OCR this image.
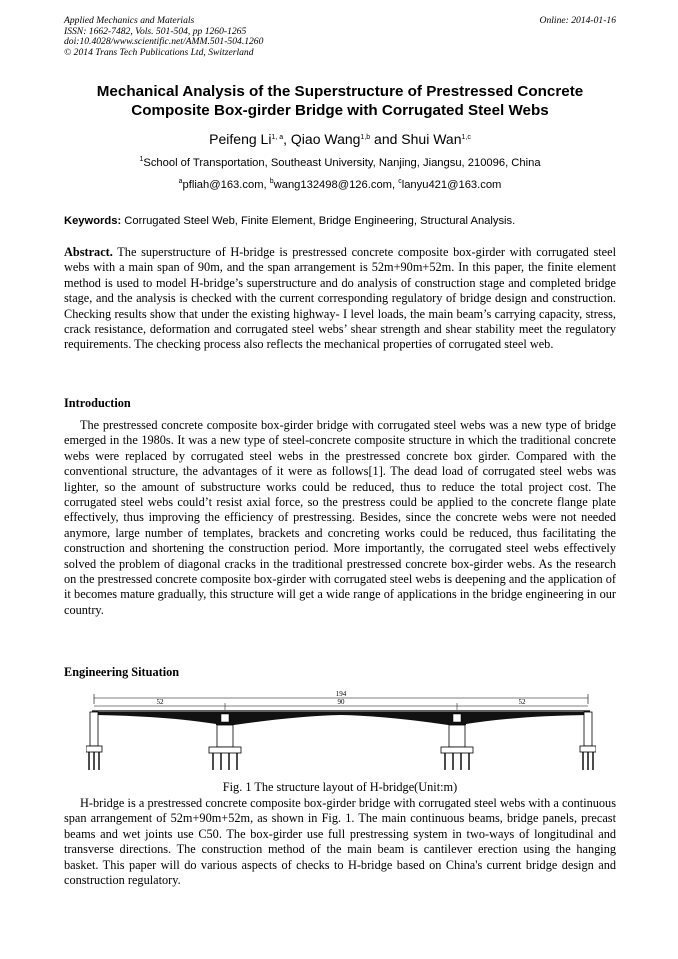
Applied Mechanics and Materials
ISSN: 1662-7482, Vols. 501-504, pp 1260-1265
doi:10.4028/www.scientific.net/AMM.501-504.1260
© 2014 Trans Tech Publications Ltd, Switzerland
Online: 2014-01-16
Mechanical Analysis of the Superstructure of Prestressed Concrete
Composite Box-girder Bridge with Corrugated Steel Webs
Peifeng Li$^{1, a}$, Qiao Wang$^{1,b}$ and Shui Wan$^{1,c}$
$^1$School of Transportation, Southeast University, Nanjing, Jiangsu, 210096, China
$^a$pfliah@163.com, $^b$wang132498@126.com, $^c$lanyu421@163.com
Keywords: Corrugated Steel Web, Finite Element, Bridge Engineering, Structural Analysis.
Abstract. The superstructure of H-bridge is prestressed concrete composite box-girder with corrugated steel webs with a main span of 90m, and the span arrangement is 52m+90m+52m. In this paper, the finite element method is used to model H-bridge’s superstructure and do analysis of construction stage and completed bridge stage, and the analysis is checked with the current corresponding regulatory of bridge design and construction. Checking results show that under the existing highway- I level loads, the main beam’s carrying capacity, stress, crack resistance, deformation and corrugated steel webs’ shear strength and shear stability meet the regulatory requirements. The checking process also reflects the mechanical properties of corrugated steel web.
Introduction
The prestressed concrete composite box-girder bridge with corrugated steel webs was a new type of bridge emerged in the 1980s. It was a new type of steel-concrete composite structure in which the traditional concrete webs were replaced by corrugated steel webs in the prestressed concrete box girder. Compared with the conventional structure, the advantages of it were as follows[1]. The dead load of corrugated steel webs was lighter, so the amount of substructure works could be reduced, thus to reduce the total project cost. The corrugated steel webs could’t resist axial force, so the prestress could be applied to the concrete flange plate effectively, thus improving the efficiency of prestressing. Besides, since the concrete webs were not needed anymore, large number of templates, brackets and concreting works could be reduced, thus facilitating the construction and shortening the construction period. More importantly, the corrugated steel webs effectively solved the problem of diagonal cracks in the traditional prestressed concrete box-girder webs. As the research on the prestressed concrete composite box-girder with corrugated steel webs is deepening and the application of it becomes mature gradually, this structure will get a wide range of applications in the bridge engineering in our country.
Engineering Situation
194
52	90	52
Fig. 1 The structure layout of H-bridge(Unit:m)
H-bridge is a prestressed concrete composite box-girder bridge with corrugated steel webs with a continuous span arrangement of 52m+90m+52m, as shown in Fig. 1. The main continuous beams, bridge panels, precast beams and wet joints use C50. The box-girder use full prestressing system in two-ways of longitudinal and transverse directions. The construction method of the main beam is cantilever erection using the hanging basket. This paper will do various aspects of checks to H-bridge based on China's current bridge design and construction regulatory.
